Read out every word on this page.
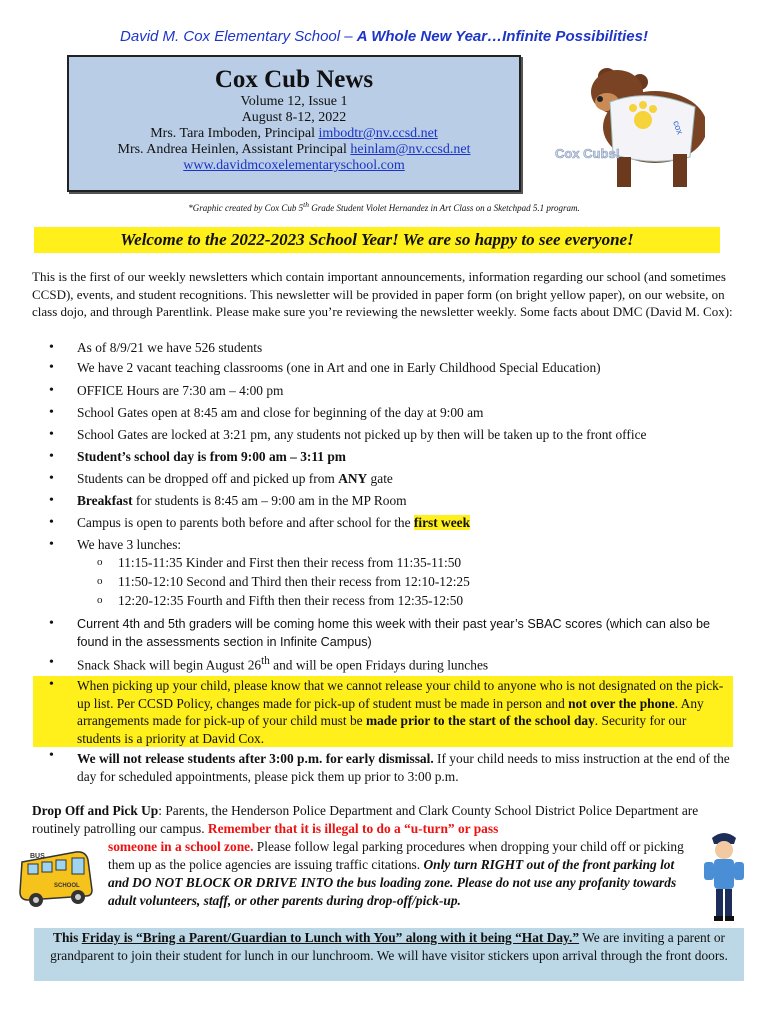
David M. Cox Elementary School – A Whole New Year…Infinite Possibilities!
Cox Cub News
Volume 12, Issue 1
August 8-12, 2022
Mrs. Tara Imboden, Principal imbodtr@nv.ccsd.net
Mrs. Andrea Heinlen, Assistant Principal heinlam@nv.ccsd.net
www.davidmcoxelementaryschool.com
cox
Cox Cubs!
*Graphic created by Cox Cub 5th Grade Student Violet Hernandez in Art Class on a Sketchpad 5.1 program.
Welcome to the 2022-2023 School Year! We are so happy to see everyone!
This is the first of our weekly newsletters which contain important announcements, information regarding our school (and sometimes CCSD), events, and student recognitions. This newsletter will be provided in paper form (on bright yellow paper), on our website, on class dojo, and through Parentlink. Please make sure you’re reviewing the newsletter weekly. Some facts about DMC (David M. Cox):
• As of 8/9/21 we have 526 students
• We have 2 vacant teaching classrooms (one in Art and one in Early Childhood Special Education)
• OFFICE Hours are 7:30 am – 4:00 pm
• School Gates open at 8:45 am and close for beginning of the day at 9:00 am
• School Gates are locked at 3:21 pm, any students not picked up by then will be taken up to the front office
• Student’s school day is from 9:00 am – 3:11 pm
• Students can be dropped off and picked up from ANY gate
• Breakfast for students is 8:45 am – 9:00 am in the MP Room
• Campus is open to parents both before and after school for the first week
• We have 3 lunches:
o 11:15-11:35 Kinder and First then their recess from 11:35-11:50
o 11:50-12:10 Second and Third then their recess from 12:10-12:25
o 12:20-12:35 Fourth and Fifth then their recess from 12:35-12:50
• Current 4th and 5th graders will be coming home this week with their past year’s SBAC scores (which can also be found in the assessments section in Infinite Campus)
• Snack Shack will begin August 26th and will be open Fridays during lunches
• When picking up your child, please know that we cannot release your child to anyone who is not designated on the pick-up list. Per CCSD Policy, changes made for pick-up of student must be made in person and not over the phone. Any arrangements made for pick-up of your child must be made prior to the start of the school day. Security for our students is a priority at David Cox.
• We will not release students after 3:00 p.m. for early dismissal. If your child needs to miss instruction at the end of the day for scheduled appointments, please pick them up prior to 3:00 p.m.
Drop Off and Pick Up: Parents, the Henderson Police Department and Clark County School District Police Department are routinely patrolling our campus. Remember that it is illegal to do a “u-turn” or pass
someone in a school zone. Please follow legal parking procedures when dropping your child off or picking them up as the police agencies are issuing traffic citations. Only turn RIGHT out of the front parking lot and DO NOT BLOCK OR DRIVE INTO the bus loading zone. Please do not use any profanity towards adult volunteers, staff, or other parents during drop-off/pick-up.
BUS
SCHOOL
This Friday is “Bring a Parent/Guardian to Lunch with You” along with it being “Hat Day.” We are inviting a parent or grandparent to join their student for lunch in our lunchroom. We will have visitor stickers upon arrival through the front doors.
